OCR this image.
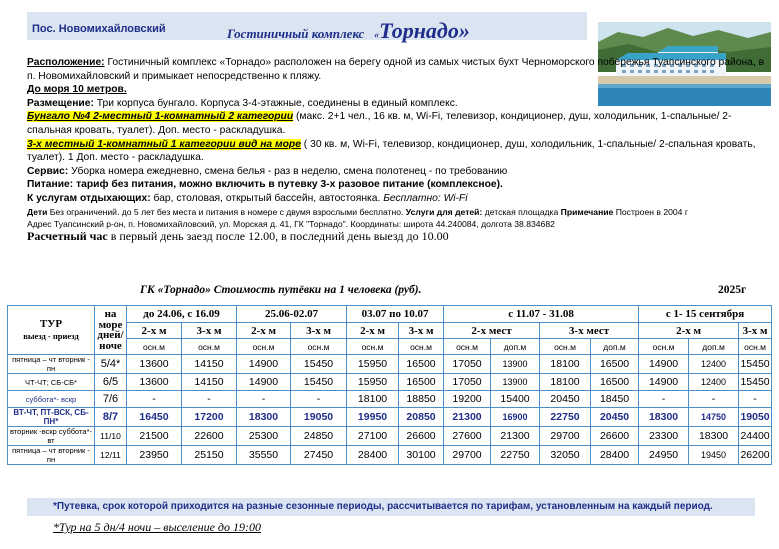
Пос. Новомихайловский	Гостиничный комплекс «Торнадо»

Расположение: Гостиничный комплекс «Торнадо» расположен на берегу одной из самых чистых бухт Черноморского побережья Туапсинского района, в п. Новомихайловский и примыкает непосредственно к пляжу.

До моря 10 метров.

Размещение: Три корпуса бунгало. Корпуса 3-4-этажные, соединены в единый комплекс.

Бунгало №4 2-местный 1-комнатный 2 категории (макс. 2+1 чел., 16 кв. м, Wi-Fi, телевизор, кондиционер, душ, холодильник, 1-спальные/ 2-спальная кровать, туалет). Доп. место - раскладушка.

3-х местный 1-комнатный 1 категории вид на море ( 30 кв. м, Wi-Fi, телевизор, кондиционер, душ, холодильник, 1-спальные/ 2-спальная кровать, туалет). 1 Доп. место - раскладушка.

Сервис: Уборка номера ежедневно, смена белья - раз в неделю, смена полотенец - по требованию

Питание: тариф без питания, можно включить в путевку 3-х разовое питание (комплексное).

К услугам отдыхающих: бар, столовая, открытый бассейн, автостоянка. Бесплатно: Wi-Fi

Дети Без ограничений. до 5 лет без места и питания в номере с двумя взрослыми бесплатно. Услуги для детей: детская площадка Примечание Построен в 2004 г

Адрес Туапсинский р-он, п. Новомихайловский, ул. Морская д. 41, ГК "Торнадо". Координаты: широта 44.240084, долгота 38.834682

Расчетный час в первый день заезд после 12.00, в последний день выезд до 10.00

ГК «Торнадо» Стоимость путёвки на 1 человека (руб).	2025г
ТУР
выезд - приезд	на море дней/ ноче	до 24.06, с 16.09		25.06-02.07		03.07 по 10.07		с 11.07 - 31.08				с 1- 15 сентября		
		2-х м	3-х м	2-х м	3-х м	2-х м	3-х м	2-х мест		3-х мест		2-х м		3-х м
		осн.м	осн.м	осн.м	осн.м	осн.м	осн.м	осн.м	доп.м	осн.м	доп.м	осн.м	доп.м	осн.м
пятница – чт вторник - пн	5/4*	13600	14150	14900	15450	15950	16500	17050	13900	18100	16500	14900	12400	15450
ЧТ-ЧТ; СБ-СБ*	6/5	13600	14150	14900	15450	15950	16500	17050	13900	18100	16500	14900	12400	15450
суббота*- вскр	7/6	-	-	-	-	18100	18850	19200	15400	20450	18450	-	-	-
ВТ-ЧТ, ПТ-ВСК, СБ- ПН*	8/7	16450	17200	18300	19050	19950	20850	21300	16900	22750	20450	18300	14750	19050
вторник -вскр суббота*- вт	11/10	21500	22600	25300	24850	27100	26600	27600	21300	29700	26600	23300	18300	24400
пятница – чт вторник - пн	12/11	23950	25150	35550	27450	28400	30100	29700	22750	32050	28400	24950	19450	26200
*Путевка, срок которой приходится на разные сезонные периоды, рассчитывается по тарифам, установленным на каждый период.
*Тур на 5 дн/4 ночи – выселение до 19:00
